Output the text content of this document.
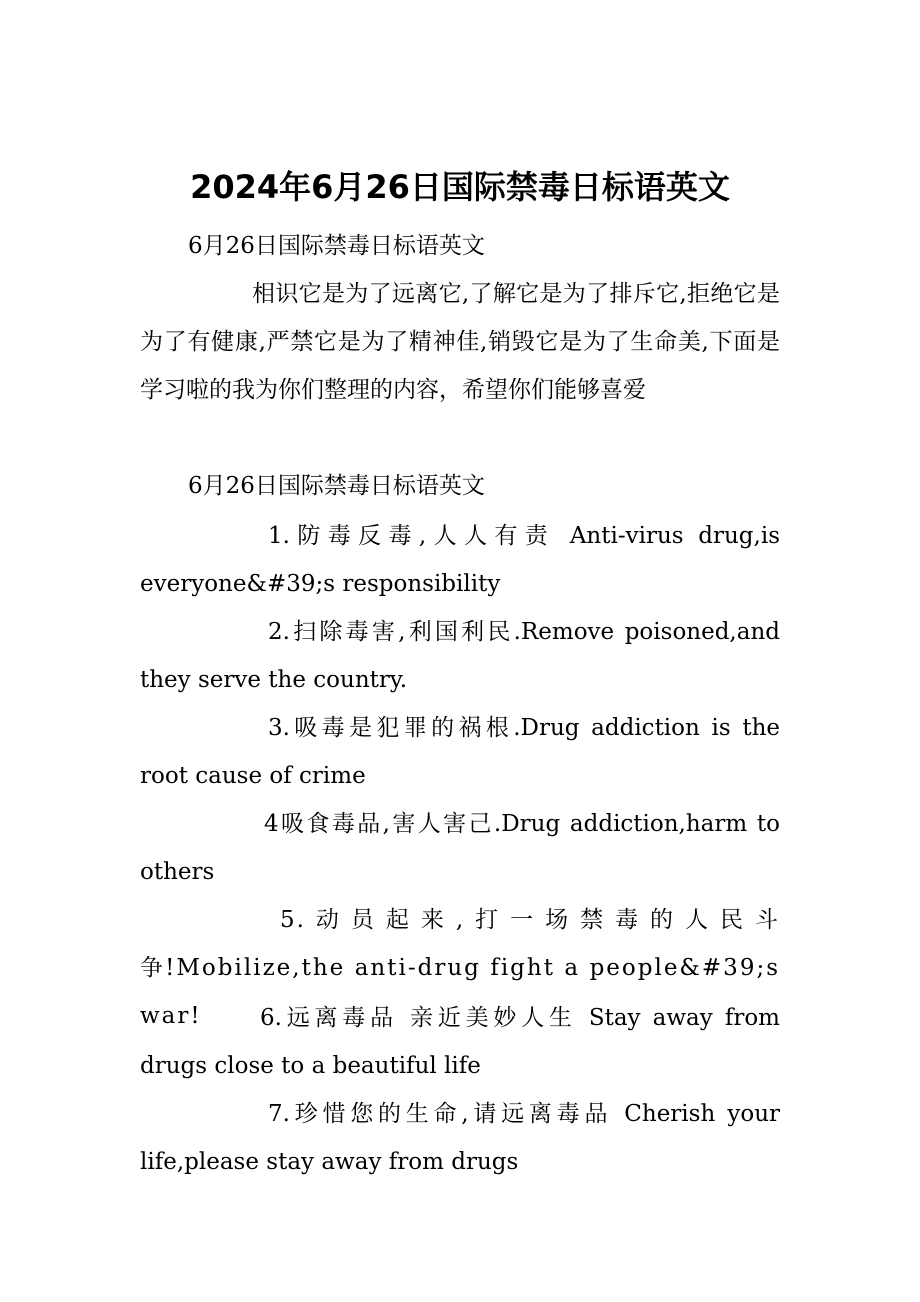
2024年6月26日国际禁毒日标语英文

6月26日国际禁毒日标语英文

相识它是为了远离它,了解它是为了排斥它,拒绝它是为了有健康,严禁它是为了精神佳,销毁它是为了生命美,下面是学习啦的我为你们整理的内容，希望你们能够喜爱

6月26日国际禁毒日标语英文

1.防毒反毒,人人有责 Anti-virus drug,is everyone&#39;s responsibility

2.扫除毒害,利国利民.Remove poisoned,and they serve the country.

3.吸毒是犯罪的祸根.Drug addiction is the root cause of crime

4吸食毒品,害人害己.Drug addiction,harm to others

5.动员起来,打一场禁毒的人民斗争!Mobilize,the anti-drug fight a people&#39;s war!	6.远离毒品 亲近美妙人生 Stay away from drugs close to a beautiful life

7.珍惜您的生命,请远离毒品 Cherish your life,please stay away from drugs
